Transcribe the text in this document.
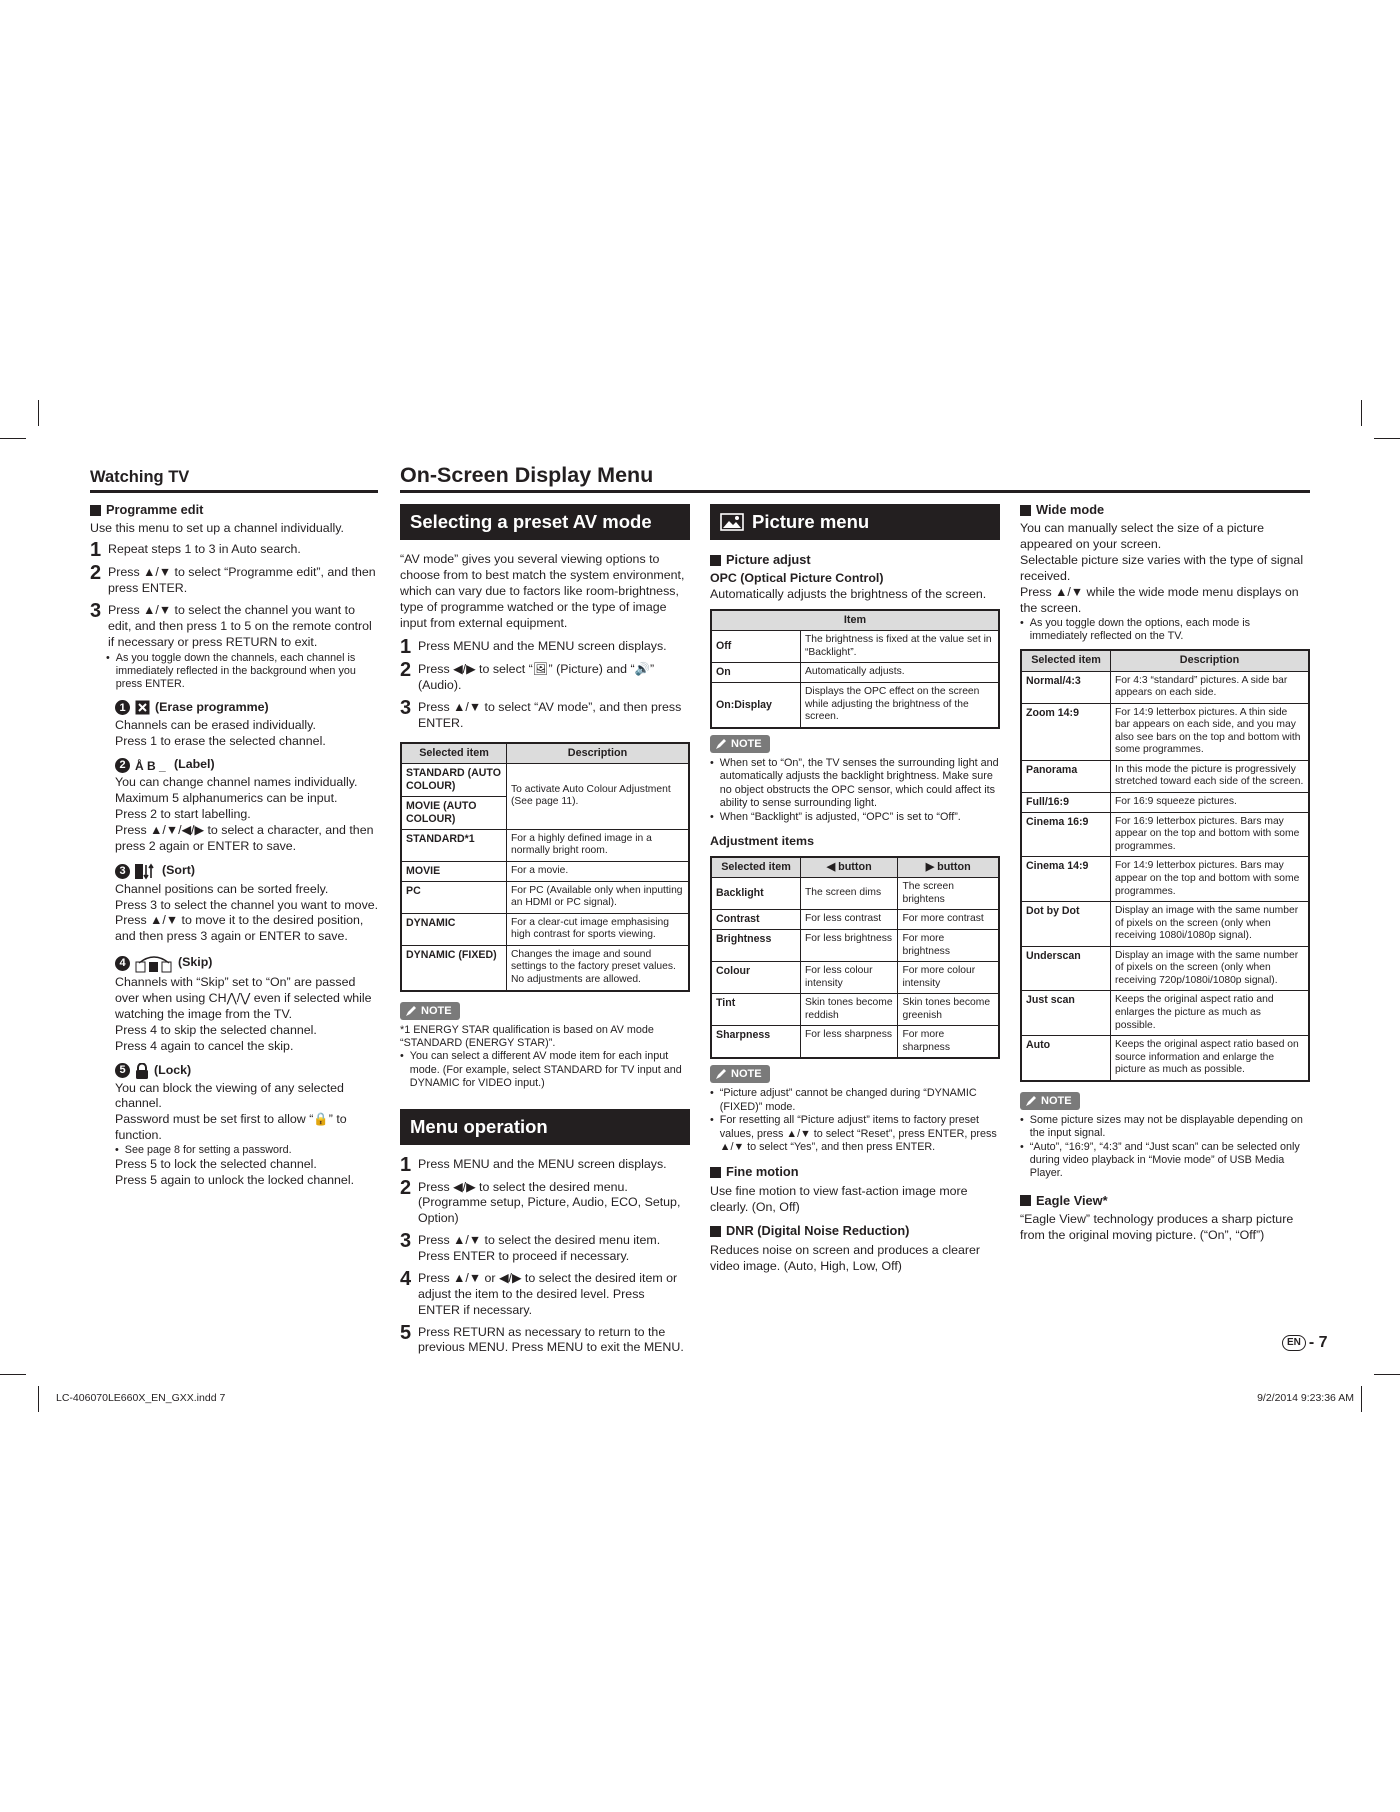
Watching TV	On-Screen Display Menu
Programme edit

Use this menu to set up a channel individually.

1 Repeat steps 1 to 3 in Auto search.
2 Press ▲/▼ to select “Programme edit”, and then press ENTER.
3 Press ▲/▼ to select the channel you want to edit, and then press 1 to 5 on the remote control if necessary or press RETURN to exit.
• As you toggle down the channels, each channel is immediately reflected in the background when you press ENTER.
1	(Erase programme)

Channels can be erased individually.

Press 1 to erase the selected channel.

2 Å B _ (Label)

You can change channel names individually.

Maximum 5 alphanumerics can be input.

Press 2 to start labelling.

Press ▲/▼/◀/▶ to select a character, and then press 2 again or ENTER to save.

3	(Sort)

Channel positions can be sorted freely.

Press 3 to select the channel you want to move.

Press ▲/▼ to move it to the desired position, and then press 3 again or ENTER to save.

4	(Skip)

Channels with “Skip” set to “On” are passed over when using CH⋀/⋁ even if selected while watching the image from the TV.

Press 4 to skip the selected channel.

Press 4 again to cancel the skip.

5	(Lock)

You can block the viewing of any selected channel.

Password must be set first to allow “🔒” to function.

• See page 8 for setting a password.

Press 5 to lock the selected channel.

Press 5 again to unlock the locked channel.

Selecting a preset AV mode

“AV mode” gives you several viewing options to choose from to best match the system environment, which can vary due to factors like room-brightness, type of programme watched or the type of image input from external equipment.

1 Press MENU and the MENU screen displays.
2 Press ◀/▶ to select “🖼” (Picture) and “🔊” (Audio).
3 Press ▲/▼ to select “AV mode”, and then press ENTER.
Selected item	Description
STANDARD (AUTO COLOUR)	To activate Auto Colour Adjustment (See page 11).
MOVIE (AUTO COLOUR)	
STANDARD*1	For a highly defined image in a normally bright room.
MOVIE	For a movie.
PC	For PC (Available only when inputting an HDMI or PC signal).
DYNAMIC	For a clear-cut image emphasising high contrast for sports viewing.
DYNAMIC (FIXED)	Changes the image and sound settings to the factory preset values. No adjustments are allowed.
NOTE
*1 ENERGY STAR qualification is based on AV mode “STANDARD (ENERGY STAR)”.
• You can select a different AV mode item for each input mode. (For example, select STANDARD for TV input and DYNAMIC for VIDEO input.)
Menu operation
1 Press MENU and the MENU screen displays.
2 Press ◀/▶ to select the desired menu. (Programme setup, Picture, Audio, ECO, Setup, Option)
3 Press ▲/▼ to select the desired menu item. Press ENTER to proceed if necessary.
4 Press ▲/▼ or ◀/▶ to select the desired item or adjust the item to the desired level. Press ENTER if necessary.
5 Press RETURN as necessary to return to the previous MENU. Press MENU to exit the MENU.
Picture menu
Picture adjust
OPC (Optical Picture Control)

Automatically adjusts the brightness of the screen.

Item	
Off	The brightness is fixed at the value set in “Backlight”.
On	Automatically adjusts.
On:Display	Displays the OPC effect on the screen while adjusting the brightness of the screen.
NOTE
• When set to “On”, the TV senses the surrounding light and automatically adjusts the backlight brightness. Make sure no object obstructs the OPC sensor, which could affect its ability to sense surrounding light.
• When “Backlight” is adjusted, “OPC” is set to “Off”.
Adjustment items
Selected item	◀ button	▶ button
Backlight	The screen dims	The screen brightens
Contrast	For less contrast	For more contrast
Brightness	For less brightness	For more brightness
Colour	For less colour intensity	For more colour intensity
Tint	Skin tones become reddish	Skin tones become greenish
Sharpness	For less sharpness	For more sharpness
NOTE
• “Picture adjust” cannot be changed during “DYNAMIC (FIXED)” mode.
• For resetting all “Picture adjust” items to factory preset values, press ▲/▼ to select “Reset”, press ENTER, press ▲/▼ to select “Yes”, and then press ENTER.
Fine motion

Use fine motion to view fast-action image more clearly. (On, Off)

DNR (Digital Noise Reduction)

Reduces noise on screen and produces a clearer video image. (Auto, High, Low, Off)

Wide mode
You can manually select the size of a picture appeared on your screen.
Selectable picture size varies with the type of signal received.
Press ▲/▼ while the wide mode menu displays on the screen.
• As you toggle down the options, each mode is immediately reflected on the TV.
Selected item	Description
Normal/4:3	For 4:3 “standard” pictures. A side bar appears on each side.
Zoom 14:9	For 14:9 letterbox pictures. A thin side bar appears on each side, and you may also see bars on the top and bottom with some programmes.
Panorama	In this mode the picture is progressively stretched toward each side of the screen.
Full/16:9	For 16:9 squeeze pictures.
Cinema 16:9	For 16:9 letterbox pictures. Bars may appear on the top and bottom with some programmes.
Cinema 14:9	For 14:9 letterbox pictures. Bars may appear on the top and bottom with some programmes.
Dot by Dot	Display an image with the same number of pixels on the screen (only when receiving 1080i/1080p signal).
Underscan	Display an image with the same number of pixels on the screen (only when receiving 720p/1080i/1080p signal).
Just scan	Keeps the original aspect ratio and enlarges the picture as much as possible.
Auto	Keeps the original aspect ratio based on source information and enlarge the picture as much as possible.
NOTE
• Some picture sizes may not be displayable depending on the input signal.
• “Auto”, “16:9”, “4:3” and “Just scan” can be selected only during video playback in “Movie mode” of USB Media Player.
Eagle View*

“Eagle View” technology produces a sharp picture from the original moving picture. (“On”, “Off”)

EN - 7
LC-406070LE660X_EN_GXX.indd 7	9/2/2014 9:23:36 AM
